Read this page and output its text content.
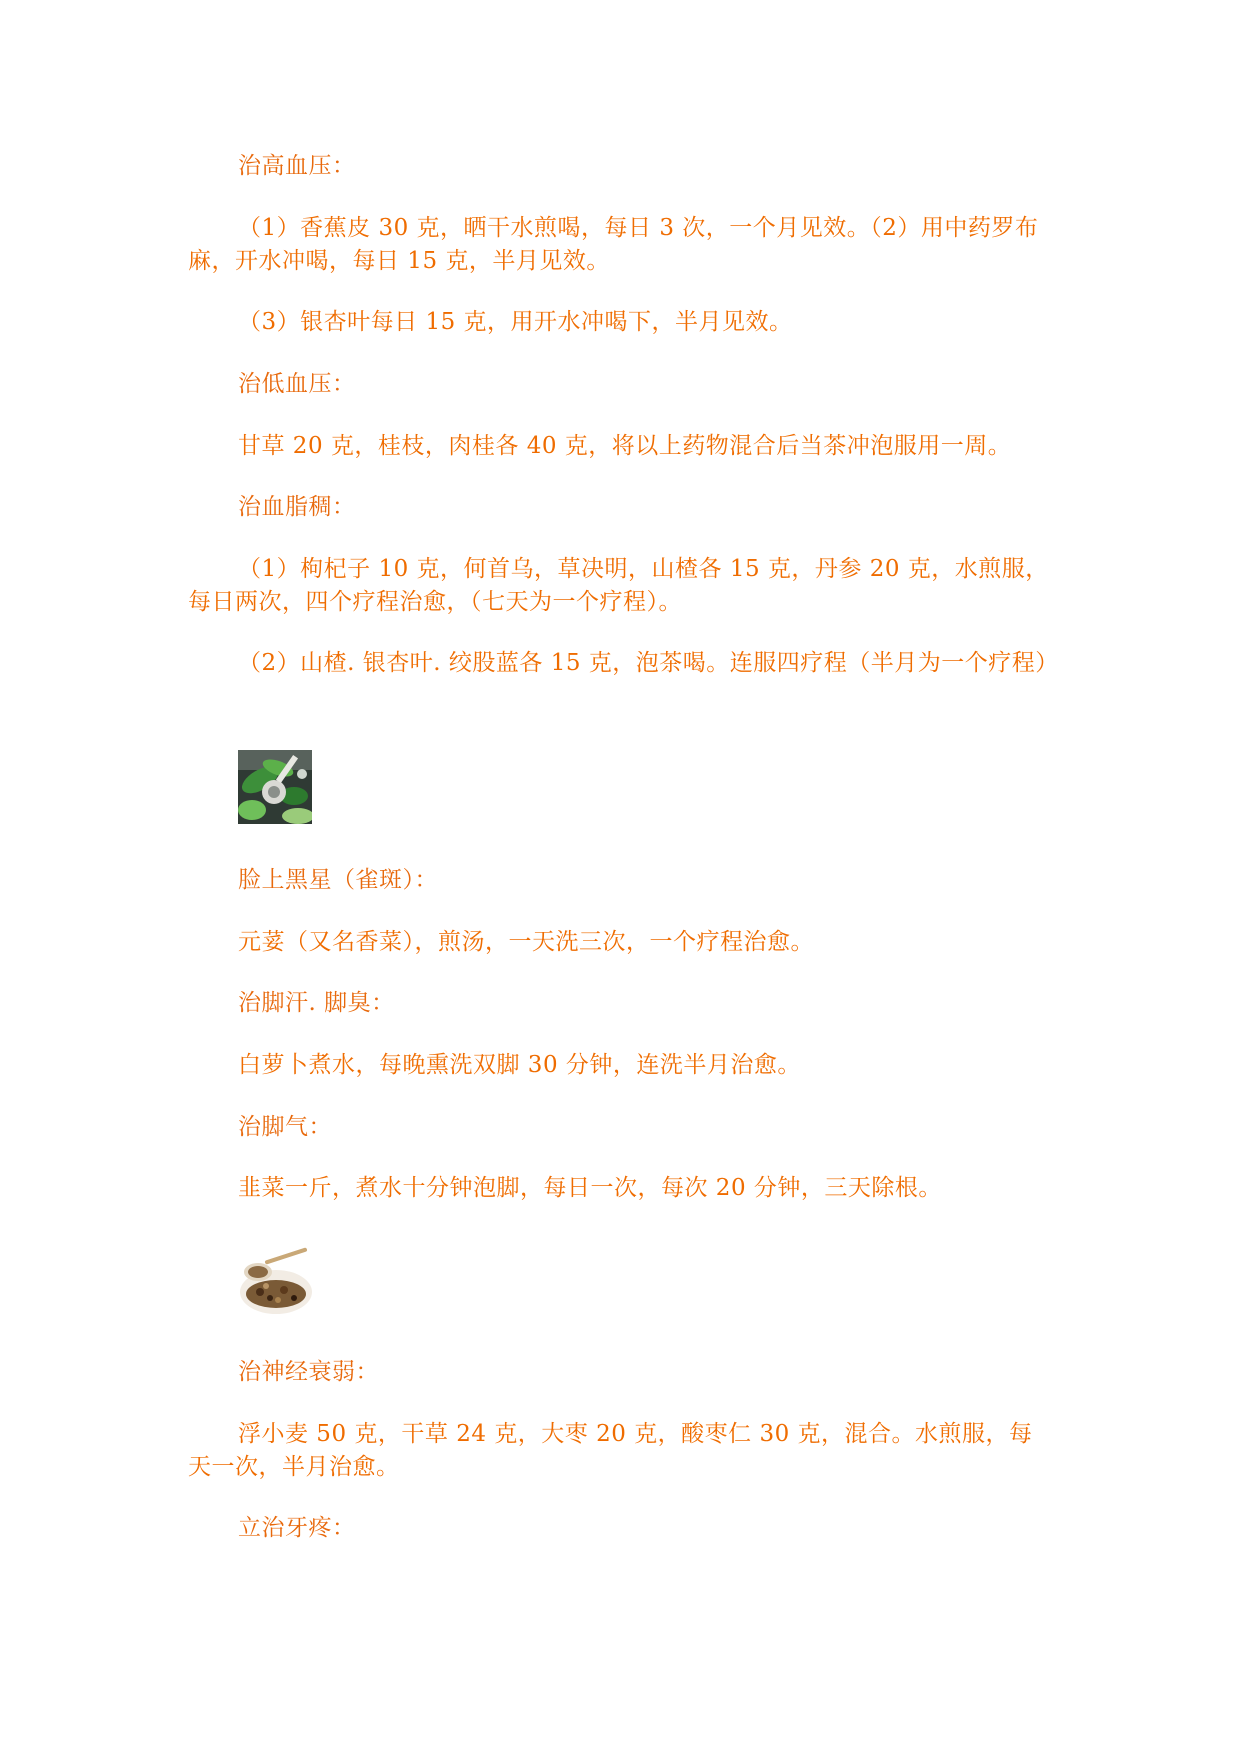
治高血压：
（1）香蕉皮 30 克，晒干水煎喝，每日 3 次，一个月见效。（2）用中药罗布麻，开水冲喝，每日 15 克，半月见效。
（3）银杏叶每日 15 克，用开水冲喝下，半月见效。
治低血压：
甘草 20 克，桂枝，肉桂各 40 克，将以上药物混合后当茶冲泡服用一周。
治血脂稠：
（1）枸杞子 10 克，何首乌，草决明，山楂各 15 克，丹参 20 克，水煎服，每日两次，四个疗程治愈，（七天为一个疗程）。
（2）山楂. 银杏叶. 绞股蓝各 15 克，泡茶喝。连服四疗程（半月为一个疗程）
脸上黑星（雀斑）：
元荽（又名香菜），煎汤，一天洗三次，一个疗程治愈。
治脚汗. 脚臭：
白萝卜煮水，每晚熏洗双脚 30 分钟，连洗半月治愈。
治脚气：
韭菜一斤，煮水十分钟泡脚，每日一次，每次 20 分钟，三天除根。
治神经衰弱：
浮小麦 50 克，干草 24 克，大枣 20 克，酸枣仁 30 克，混合。水煎服，每天一次，半月治愈。
立治牙疼：
